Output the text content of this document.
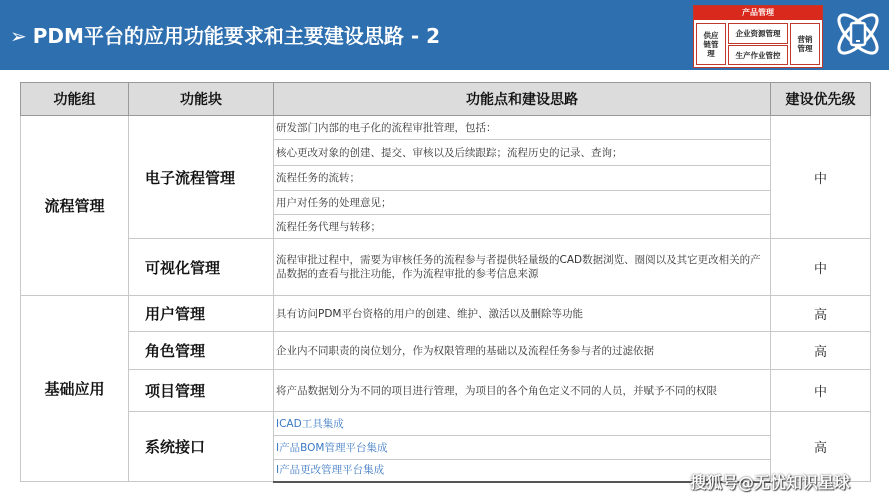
➢ PDM平台的应用功能要求和主要建设思路 - 2
产品管理
供应链管理
企业资源管理
生产作业管控
营销管理
功能组	功能块	功能点和建设思路	建设优先级
流程管理	电子流程管理	研发部门内部的电子化的流程审批管理，包括：	中
		核心更改对象的创建、提交、审核以及后续跟踪；流程历史的记录、查询；	
		流程任务的流转；	
		用户对任务的处理意见；	
		流程任务代理与转移；	
	可视化管理	流程审批过程中，需要为审核任务的流程参与者提供轻量级的CAD数据浏览、圈阅以及其它更改相关的产品数据的查看与批注功能，作为流程审批的参考信息来源	中
基础应用	用户管理	具有访问PDM平台资格的用户的创建、维护、激活以及删除等功能	高
	角色管理	企业内不同职责的岗位划分，作为权限管理的基础以及流程任务参与者的过滤依据	高
	项目管理	将产品数据划分为不同的项目进行管理，为项目的各个角色定义不同的人员，并赋予不同的权限	中
	系统接口	ICAD工具集成	高
		I产品BOM管理平台集成	
		I产品更改管理平台集成	
搜狐号@无忧知识星球
